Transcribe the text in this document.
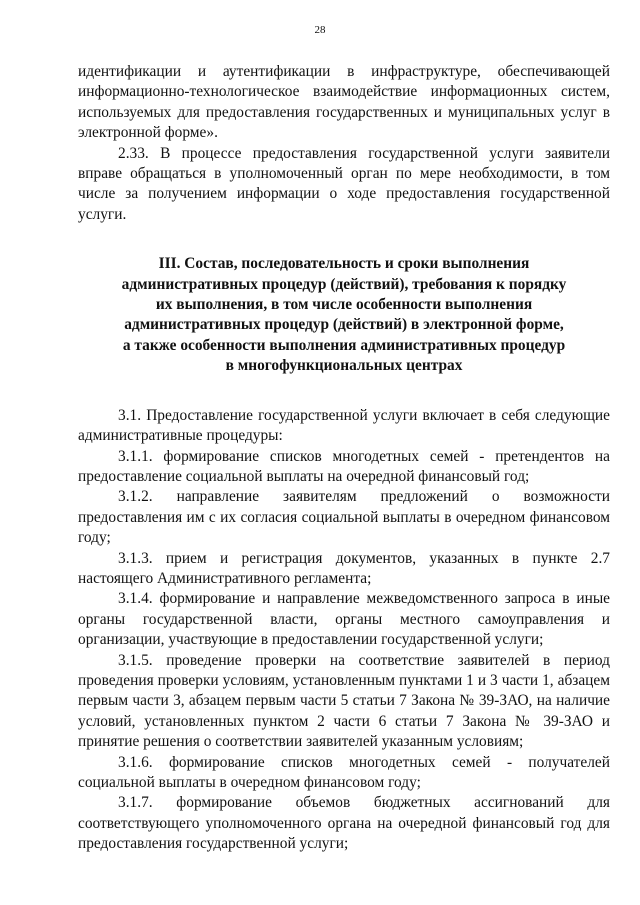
28

идентификации и аутентификации в инфраструктуре, обеспечивающей информационно-технологическое взаимодействие информационных систем, используемых для предоставления государственных и муниципальных услуг в электронной форме».

2.33. В процессе предоставления государственной услуги заявители вправе обращаться в уполномоченный орган по мере необходимости, в том числе за получением информации о ходе предоставления государственной услуги.

III. Состав, последовательность и сроки выполнения
административных процедур (действий), требования к порядку
их выполнения, в том числе особенности выполнения
административных процедур (действий) в электронной форме,
а также особенности выполнения административных процедур
в многофункциональных центрах

3.1. Предоставление государственной услуги включает в себя следующие административные процедуры:

3.1.1. формирование списков многодетных семей - претендентов на предоставление социальной выплаты на очередной финансовый год;

3.1.2. направление заявителям предложений о возможности предоставления им с их согласия социальной выплаты в очередном финансовом году;

3.1.3. прием и регистрация документов, указанных в пункте 2.7 настоящего Административного регламента;

3.1.4. формирование и направление межведомственного запроса в иные органы государственной власти, органы местного самоуправления и организации, участвующие в предоставлении государственной услуги;

3.1.5. проведение проверки на соответствие заявителей в период проведения проверки условиям, установленным пунктами 1 и 3 части 1, абзацем первым части 3, абзацем первым части 5 статьи 7 Закона № 39-ЗАО, на наличие условий, установленных пунктом 2 части 6 статьи 7 Закона № 39-ЗАО и принятие решения о соответствии заявителей указанным условиям;

3.1.6. формирование списков многодетных семей - получателей социальной выплаты в очередном финансовом году;

3.1.7. формирование объемов бюджетных ассигнований для соответствующего уполномоченного органа на очередной финансовый год для предоставления государственной услуги;
